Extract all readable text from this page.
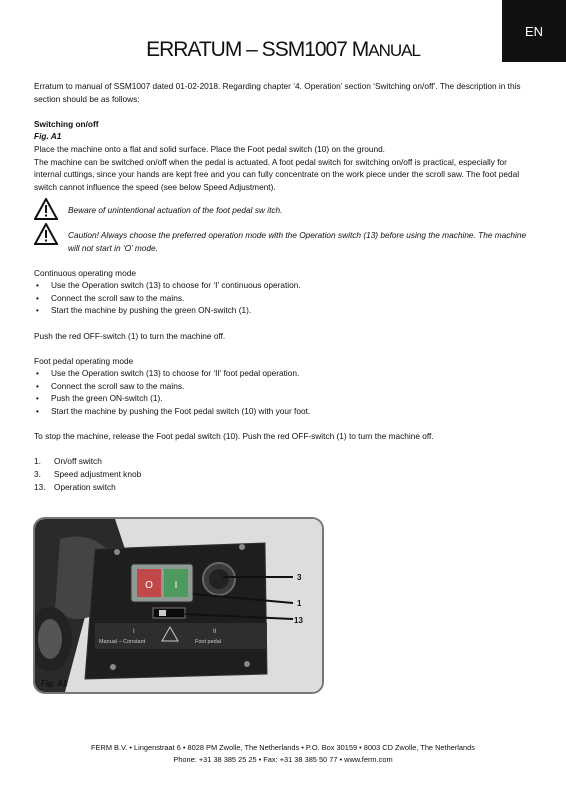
EN
ERRATUM – SSM1007 MANUAL

Erratum to manual of SSM1007 dated 01-02-2018. Regarding chapter ‘4. Operation’ section ‘Switching on/off’. The description in this section should be as follows:

Switching on/off

Fig. A1

Place the machine onto a flat and solid surface. Place the Foot pedal switch (10) on the ground.

The machine can be switched on/off when the pedal is actuated. A foot pedal switch for switching on/off is practical, especially for internal cuttings, since your hands are kept free and you can fully concentrate on the work piece under the scroll saw. The foot pedal switch cannot influence the speed (see below Speed Adjustment).

Beware of unintentional actuation of the foot pedal sw itch.
Caution! Always choose the preferred operation mode with the Operation switch (13) before using the machine. The machine will not start in ‘O’ mode.

Continuous operating mode

• Use the Operation switch (13) to choose for ‘I’ continuous operation.
• Connect the scroll saw to the mains.
• Start the machine by pushing the green ON-switch (1).

Push the red OFF-switch (1) to turn the machine off.

Foot pedal operating mode

• Use the Operation switch (13) to choose for ‘II’ foot pedal operation.
• Connect the scroll saw to the mains.
• Push the green ON-switch (1).
• Start the machine by pushing the Foot pedal switch (10) with your foot.

To stop the machine, release the Foot pedal switch (10). Push the red OFF-switch (1) to turn the machine off.

1.	On/off switch
3.	Speed adjustment knob
13.	Operation switch
O I
I	II
Manual – Constant	Foot pedal
3
1
13
Fig. A1
FERM B.V. • Lingenstraat 6 • 8028 PM Zwolle, The Netherlands • P.O. Box 30159 • 8003 CD Zwolle, The Netherlands
Phone: +31 38 385 25 25 • Fax: +31 38 385 50 77 • www.ferm.com
